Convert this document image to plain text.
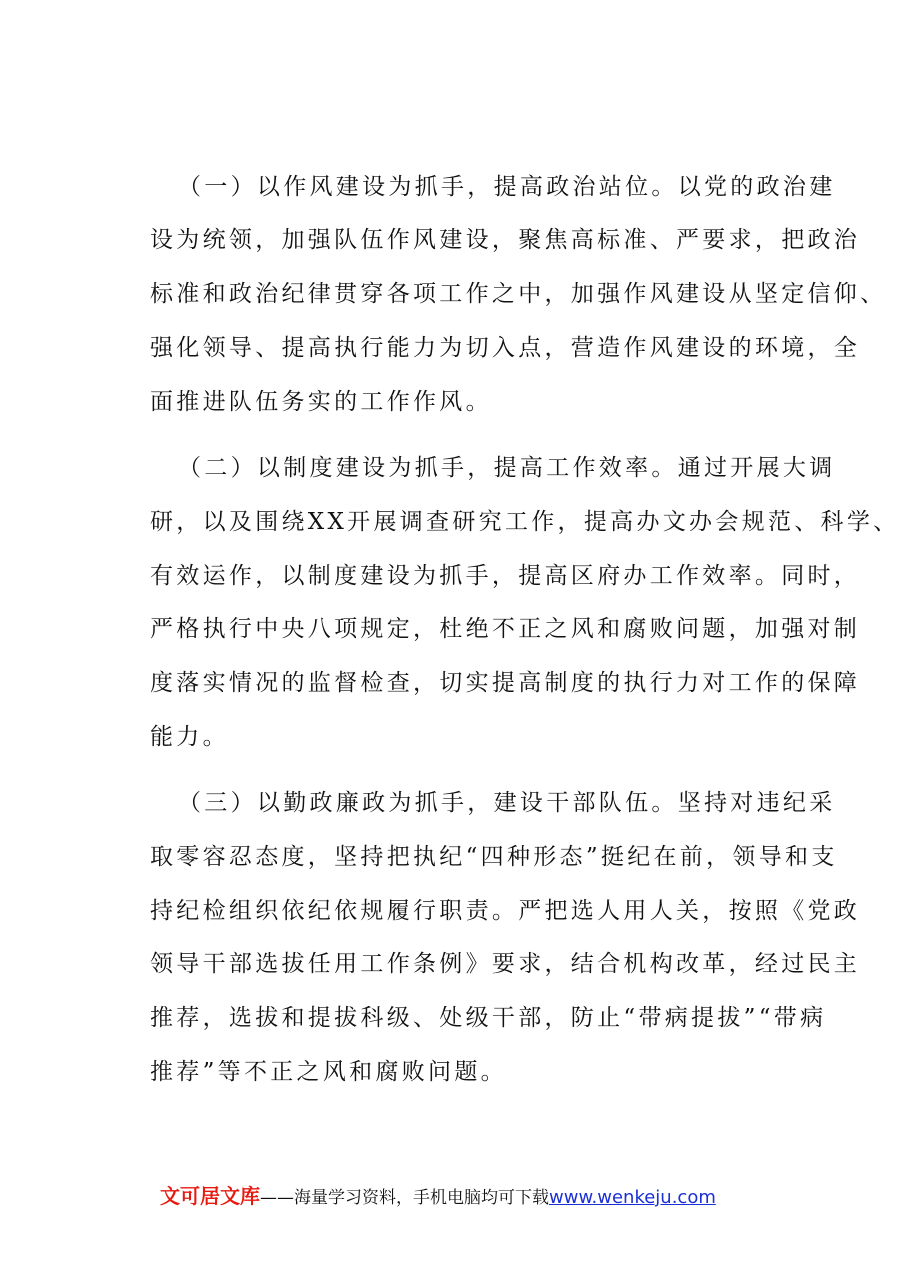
（一）以作风建设为抓手，提高政治站位。以党的政治建
设为统领，加强队伍作风建设，聚焦高标准、严要求，把政治
标准和政治纪律贯穿各项工作之中，加强作风建设从坚定信仰、
强化领导、提高执行能力为切入点，营造作风建设的环境，全
面推进队伍务实的工作作风。
（二）以制度建设为抓手，提高工作效率。通过开展大调
研，以及围绕XX开展调查研究工作，提高办文办会规范、科学、
有效运作，以制度建设为抓手，提高区府办工作效率。同时，
严格执行中央八项规定，杜绝不正之风和腐败问题，加强对制
度落实情况的监督检查，切实提高制度的执行力对工作的保障
能力。
（三）以勤政廉政为抓手，建设干部队伍。坚持对违纪采
取零容忍态度，坚持把执纪“四种形态”挺纪在前，领导和支
持纪检组织依纪依规履行职责。严把选人用人关，按照《党政
领导干部选拔任用工作条例》要求，结合机构改革，经过民主
推荐，选拔和提拔科级、处级干部，防止“带病提拔”“带病
推荐”等不正之风和腐败问题。
文可居文库——海量学习资料，手机电脑均可下载www.wenkeju.com
